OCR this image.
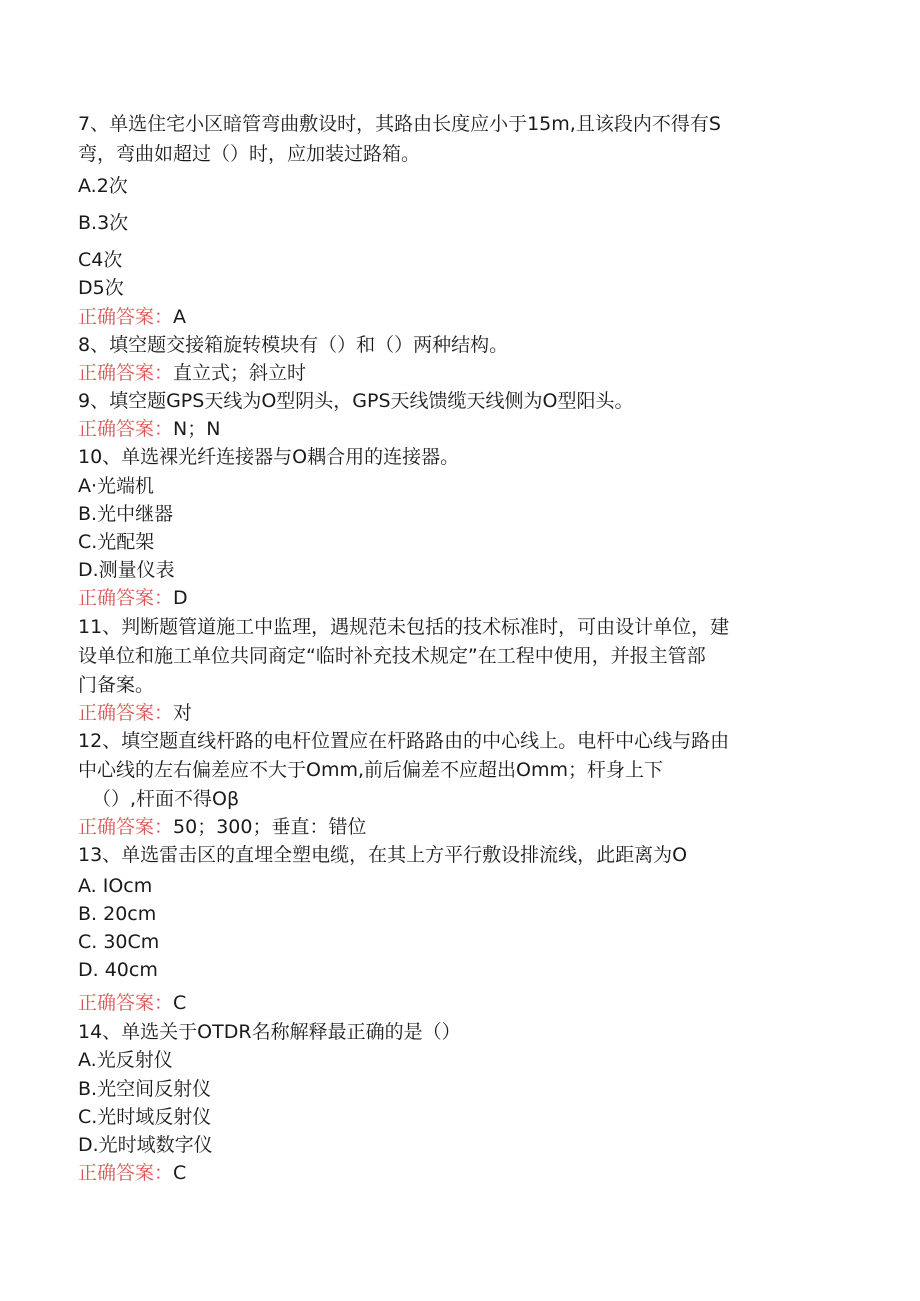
7、单选住宅小区暗管弯曲敷设时，其路由长度应小于15m,且该段内不得有S
弯，弯曲如超过（）时，应加装过路箱。
A.2次
B.3次
C4次
D5次
正确答案：A
8、填空题交接箱旋转模块有（）和（）两种结构。
正确答案：直立式；斜立时
9、填空题GPS天线为O型阴头，GPS天线馈缆天线侧为O型阳头。
正确答案：N；N
10、单选裸光纤连接器与O耦合用的连接器。
A·光端机
B.光中继器
C.光配架
D.测量仪表
正确答案：D
11、判断题管道施工中监理，遇规范未包括的技术标准时，可由设计单位，建
设单位和施工单位共同商定“临时补充技术规定”在工程中使用，并报主管部
门备案。
正确答案：对
12、填空题直线杆路的电杆位置应在杆路路由的中心线上。电杆中心线与路由
中心线的左右偏差应不大于Omm,前后偏差不应超出Omm；杆身上下
（）,杆面不得Oβ
正确答案：50；300；垂直：错位
13、单选雷击区的直埋全塑电缆，在其上方平行敷设排流线，此距离为O
A. IOcm
B. 20cm
C. 30Cm
D. 40cm
正确答案：C
14、单选关于OTDR名称解释最正确的是（）
A.光反射仪
B.光空间反射仪
C.光时域反射仪
D.光时域数字仪
正确答案：C
